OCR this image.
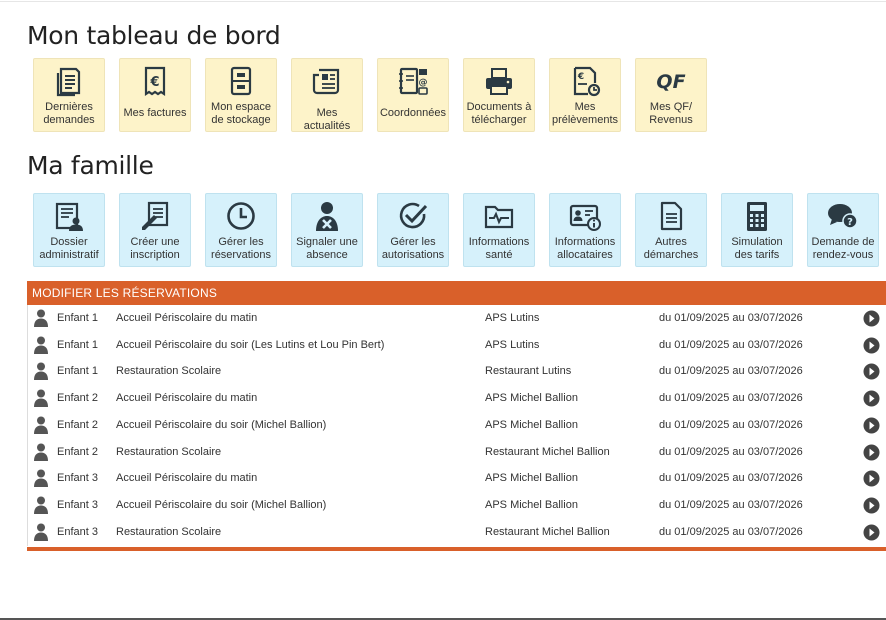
Mon tableau de bord
Dernières demandes
€
Mes factures	Mon espace de stockage
Mes actualités
@
Coordonnées Documents à télécharger
€
Mes prélèvements
QF
Mes QF/ Revenus
Ma famille
Dossier administratif
Créer une inscription
Gérer les réservations
Signaler une absence
Gérer les autorisations
Informations santé
Informations allocataires
Autres démarches
Simulation des tarifs
?
Demande de rendez-vous
MODIFIER LES RÉSERVATIONS
Enfant 1 Accueil Périscolaire du matin	APS Lutins	du 01/09/2025 au 03/07/2026
Enfant 1 Accueil Périscolaire du soir (Les Lutins et Lou Pin Bert)	APS Lutins	du 01/09/2025 au 03/07/2026
Enfant 1 Restauration Scolaire	Restaurant Lutins	du 01/09/2025 au 03/07/2026
Enfant 2 Accueil Périscolaire du matin	APS Michel Ballion	du 01/09/2025 au 03/07/2026
Enfant 2 Accueil Périscolaire du soir (Michel Ballion)	APS Michel Ballion	du 01/09/2025 au 03/07/2026
Enfant 2 Restauration Scolaire	Restaurant Michel Ballion	du 01/09/2025 au 03/07/2026
Enfant 3 Accueil Périscolaire du matin	APS Michel Ballion	du 01/09/2025 au 03/07/2026
Enfant 3 Accueil Périscolaire du soir (Michel Ballion)	APS Michel Ballion	du 01/09/2025 au 03/07/2026
Enfant 3 Restauration Scolaire	Restaurant Michel Ballion	du 01/09/2025 au 03/07/2026
